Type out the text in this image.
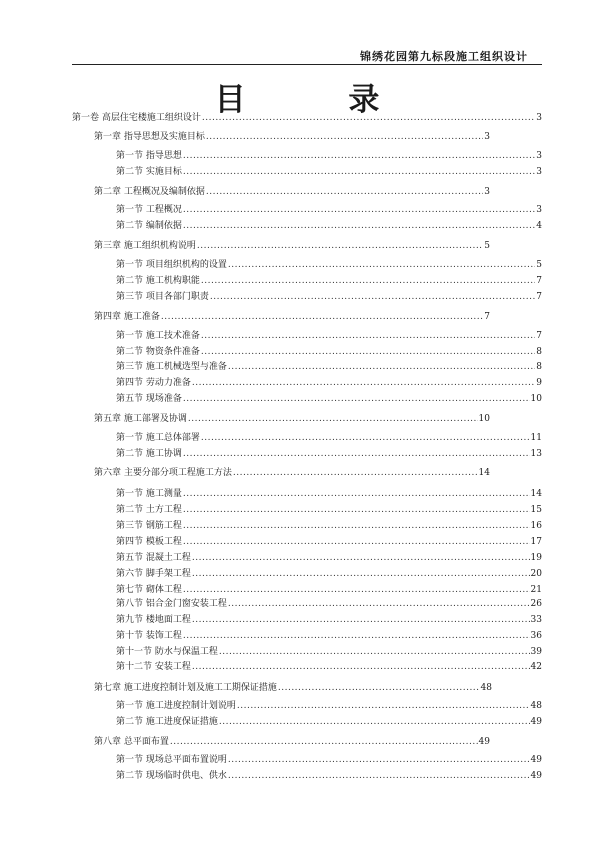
锦绣花园第九标段施工组织设计
目 录
第一卷 高层住宅楼施工组织设计 .....	3
第一章 指导思想及实施目标 .....	3
第一节 指导思想 .....	3
第二节 实施目标 .....	3
第二章 工程概况及编制依据 .....	3
第一节 工程概况 .....	3
第二节 编制依据 .....	4
第三章 施工组织机构说明 .....	5
第一节 项目组织机构的设置 .....	5
第二节 施工机构职能 .....	7
第三节 项目各部门职责 .....	7
第四章 施工准备 .....	7
第一节 施工技术准备 .....	7
第二节 物资条件准备 .....	8
第三节 施工机械选型与准备 .....	8
第四节 劳动力准备 .....	9
第五节 现场准备 .....	10
第五章 施工部署及协调 .....	10
第一节 施工总体部署 .....	11
第二节 施工协调 .....	13
第六章 主要分部分项工程施工方法 .....	14
第一节 施工测量 .....	14
第二节 土方工程 .....	15
第三节 钢筋工程 .....	16
第四节 模板工程 .....	17
第五节 混凝土工程 .....	19
第六节 脚手架工程 .....	20
第七节 砌体工程 .....	21
第八节 铝合金门窗安装工程 .....	26
第九节 楼地面工程 .....	33
第十节 装饰工程 .....	36
第十一节 防水与保温工程 .....	39
第十二节 安装工程 .....	42
第七章 施工进度控制计划及施工工期保证措施 .....	48
第一节 施工进度控制计划说明 .....	48
第二节 施工进度保证措施 .....	49
第八章 总平面布置 .....	49
第一节 现场总平面布置说明 .....	49
第二节 现场临时供电、供水 .....	49
